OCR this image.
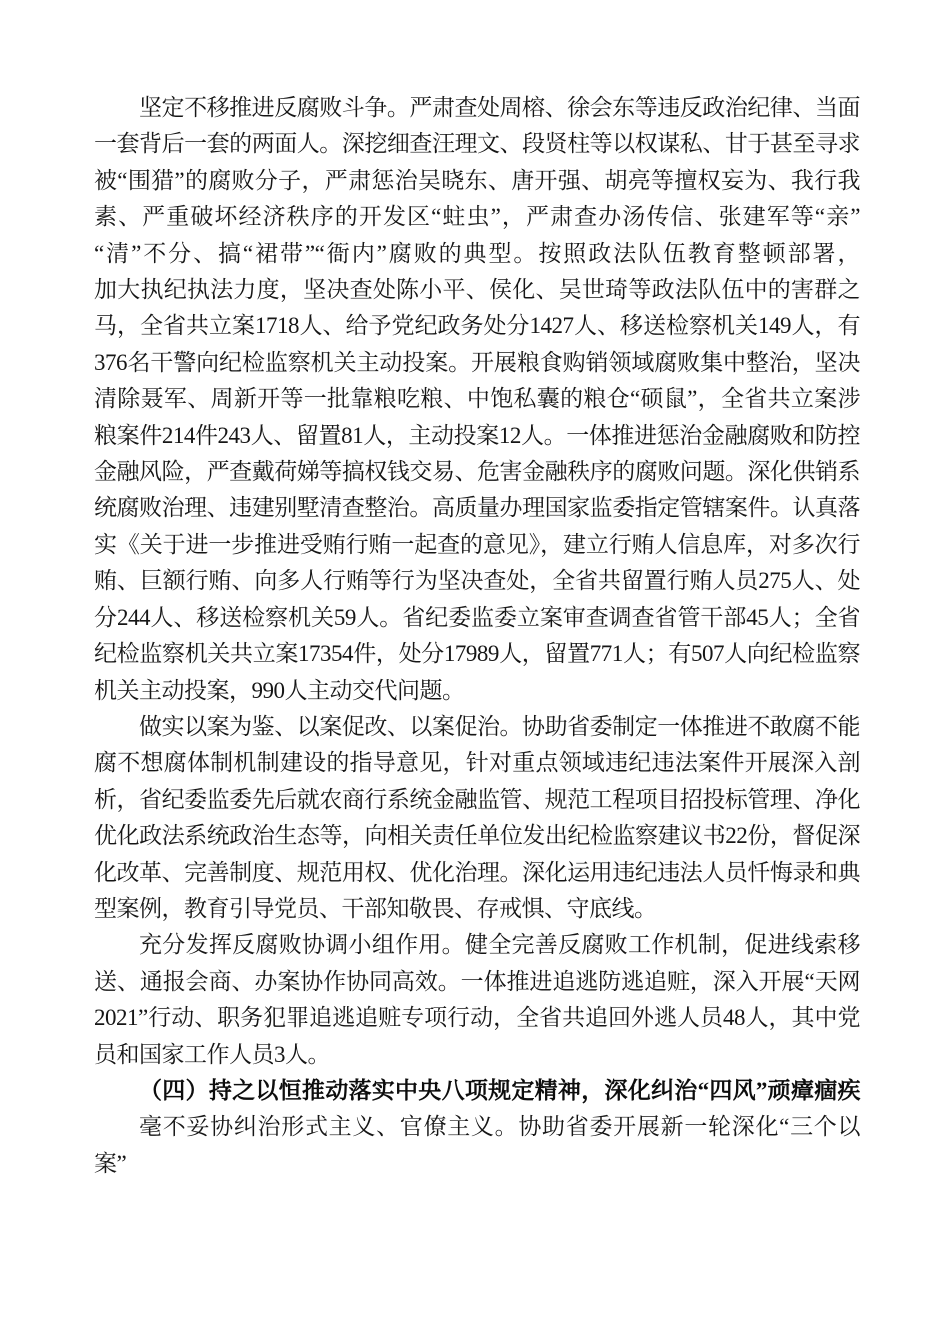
坚定不移推进反腐败斗争。严肃查处周榕、徐会东等违反政治纪律、当面
一套背后一套的两面人。深挖细查汪理文、段贤柱等以权谋私、甘于甚至寻求
被“围猎”的腐败分子，严肃惩治吴晓东、唐开强、胡亮等擅权妄为、我行我
素、严重破坏经济秩序的开发区“蛀虫”，严肃查办汤传信、张建军等“亲”
“清”不分、搞“裙带”“衙内”腐败的典型。按照政法队伍教育整顿部署，
加大执纪执法力度，坚决查处陈小平、侯化、吴世琦等政法队伍中的害群之
马，全省共立案1718人、给予党纪政务处分1427人、移送检察机关149人，有
376名干警向纪检监察机关主动投案。开展粮食购销领域腐败集中整治，坚决
清除聂军、周新开等一批靠粮吃粮、中饱私囊的粮仓“硕鼠”，全省共立案涉
粮案件214件243人、留置81人，主动投案12人。一体推进惩治金融腐败和防控
金融风险，严查戴荷娣等搞权钱交易、危害金融秩序的腐败问题。深化供销系
统腐败治理、违建别墅清查整治。高质量办理国家监委指定管辖案件。认真落
实《关于进一步推进受贿行贿一起查的意见》，建立行贿人信息库，对多次行
贿、巨额行贿、向多人行贿等行为坚决查处，全省共留置行贿人员275人、处
分244人、移送检察机关59人。省纪委监委立案审查调查省管干部45人；全省
纪检监察机关共立案17354件，处分17989人，留置771人；有507人向纪检监察
机关主动投案，990人主动交代问题。
做实以案为鉴、以案促改、以案促治。协助省委制定一体推进不敢腐不能
腐不想腐体制机制建设的指导意见，针对重点领域违纪违法案件开展深入剖
析，省纪委监委先后就农商行系统金融监管、规范工程项目招投标管理、净化
优化政法系统政治生态等，向相关责任单位发出纪检监察建议书22份，督促深
化改革、完善制度、规范用权、优化治理。深化运用违纪违法人员忏悔录和典
型案例，教育引导党员、干部知敬畏、存戒惧、守底线。
充分发挥反腐败协调小组作用。健全完善反腐败工作机制，促进线索移
送、通报会商、办案协作协同高效。一体推进追逃防逃追赃，深入开展“天网
2021”行动、职务犯罪追逃追赃专项行动，全省共追回外逃人员48人，其中党
员和国家工作人员3人。
（四）持之以恒推动落实中央八项规定精神，深化纠治“四风”顽瘴痼疾
毫不妥协纠治形式主义、官僚主义。协助省委开展新一轮深化“三个以
案”
